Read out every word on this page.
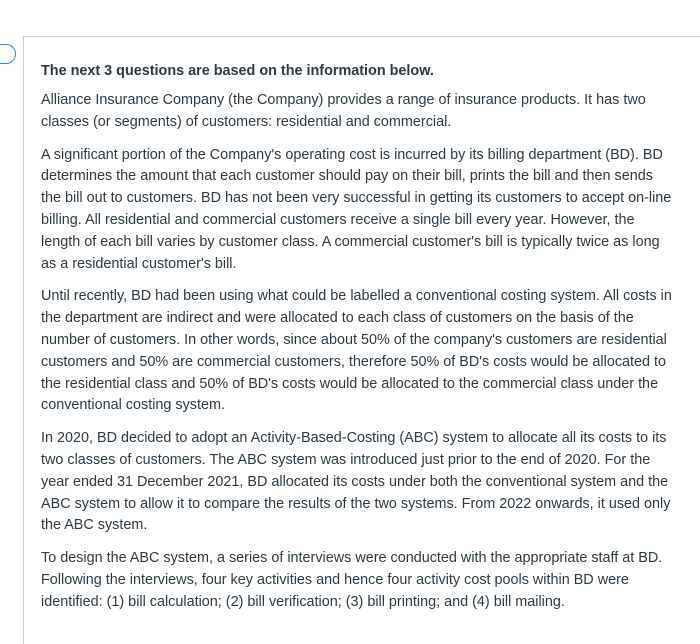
The next 3 questions are based on the information below.

Alliance Insurance Company (the Company) provides a range of insurance products. It has two classes (or segments) of customers: residential and commercial.

A significant portion of the Company's operating cost is incurred by its billing department (BD). BD determines the amount that each customer should pay on their bill, prints the bill and then sends the bill out to customers. BD has not been very successful in getting its customers to accept on-line billing. All residential and commercial customers receive a single bill every year. However, the length of each bill varies by customer class. A commercial customer's bill is typically twice as long as a residential customer's bill.

Until recently, BD had been using what could be labelled a conventional costing system. All costs in the department are indirect and were allocated to each class of customers on the basis of the number of customers. In other words, since about 50% of the company's customers are residential customers and 50% are commercial customers, therefore 50% of BD's costs would be allocated to the residential class and 50% of BD's costs would be allocated to the commercial class under the conventional costing system.

In 2020, BD decided to adopt an Activity-Based-Costing (ABC) system to allocate all its costs to its two classes of customers. The ABC system was introduced just prior to the end of 2020. For the year ended 31 December 2021, BD allocated its costs under both the conventional system and the ABC system to allow it to compare the results of the two systems. From 2022 onwards, it used only the ABC system.

To design the ABC system, a series of interviews were conducted with the appropriate staff at BD. Following the interviews, four key activities and hence four activity cost pools within BD were identified: (1) bill calculation; (2) bill verification; (3) bill printing; and (4) bill mailing.
